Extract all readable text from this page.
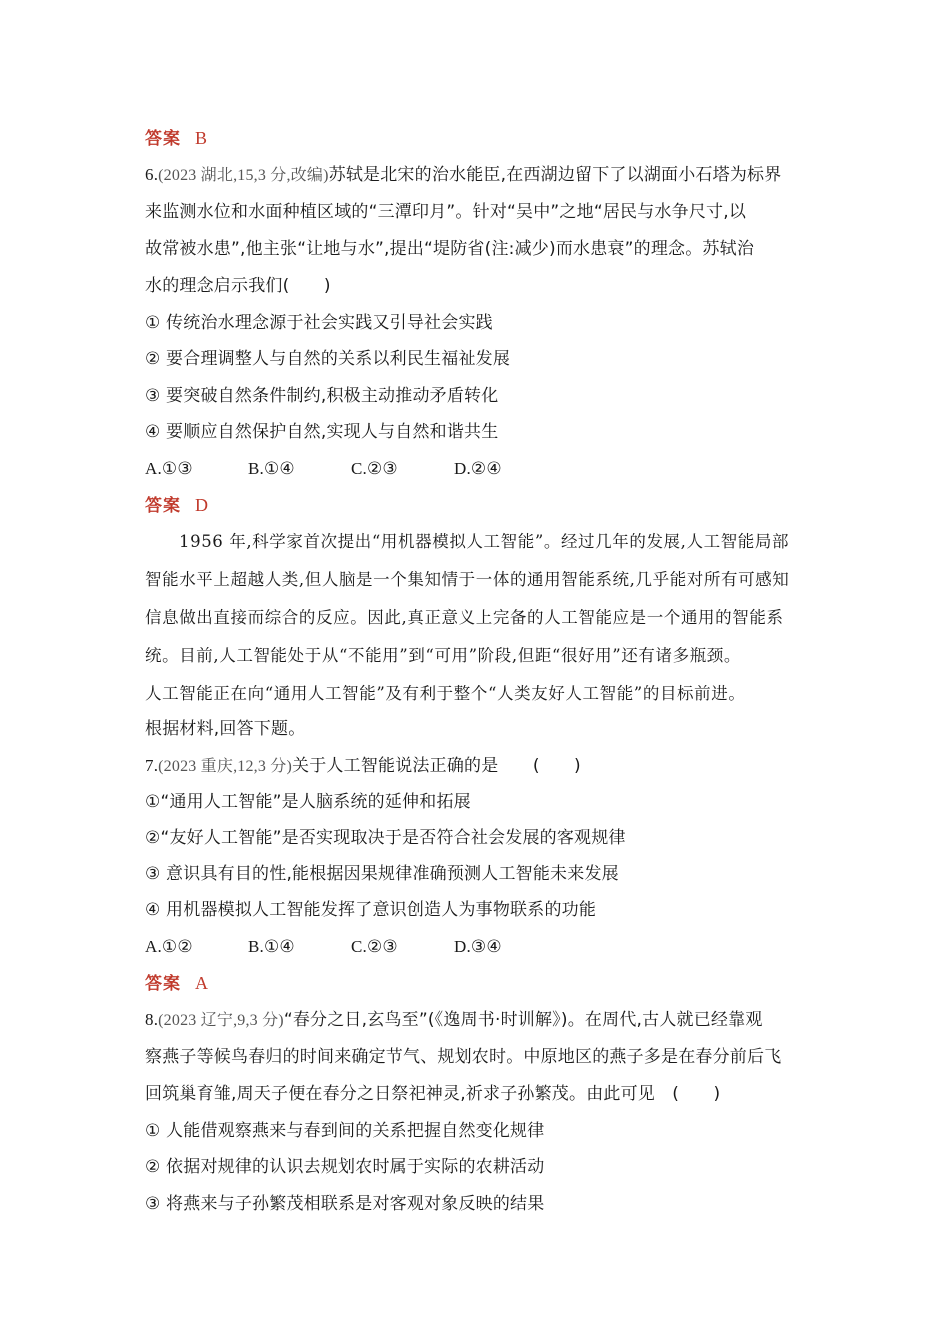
答案 B
6.(2023 湖北,15,3 分,改编)苏轼是北宋的治水能臣,在西湖边留下了以湖面小石塔为标界
来监测水位和水面种植区域的“三潭印月”。针对“吴中”之地“居民与水争尺寸,以
故常被水患”,他主张“让地与水”,提出“堤防省(注:减少)而水患衰”的理念。苏轼治
水的理念启示我们(　　)
① 传统治水理念源于社会实践又引导社会实践
② 要合理调整人与自然的关系以利民生福祉发展
③ 要突破自然条件制约,积极主动推动矛盾转化
④ 要顺应自然保护自然,实现人与自然和谐共生
A.①③	B.①④	C.②③	D.②④
答案 D
1956 年,科学家首次提出“用机器模拟人工智能”。经过几年的发展,人工智能局部
智能水平上超越人类,但人脑是一个集知情于一体的通用智能系统,几乎能对所有可感知
信息做出直接而综合的反应。因此,真正意义上完备的人工智能应是一个通用的智能系
统。目前,人工智能处于从“不能用”到“可用”阶段,但距“很好用”还有诸多瓶颈。
人工智能正在向“通用人工智能”及有利于整个“人类友好人工智能”的目标前进。
根据材料,回答下题。
7.(2023 重庆,12,3 分)关于人工智能说法正确的是　　(　　)
①“通用人工智能”是人脑系统的延伸和拓展
②“友好人工智能”是否实现取决于是否符合社会发展的客观规律
③ 意识具有目的性,能根据因果规律准确预测人工智能未来发展
④ 用机器模拟人工智能发挥了意识创造人为事物联系的功能
A.①②	B.①④	C.②③	D.③④
答案 A
8.(2023 辽宁,9,3 分)“春分之日,玄鸟至”(《逸周书·时训解》)。在周代,古人就已经靠观
察燕子等候鸟春归的时间来确定节气、规划农时。中原地区的燕子多是在春分前后飞
回筑巢育雏,周天子便在春分之日祭祀神灵,祈求子孙繁茂。由此可见　(　　)
① 人能借观察燕来与春到间的关系把握自然变化规律
② 依据对规律的认识去规划农时属于实际的农耕活动
③ 将燕来与子孙繁茂相联系是对客观对象反映的结果
